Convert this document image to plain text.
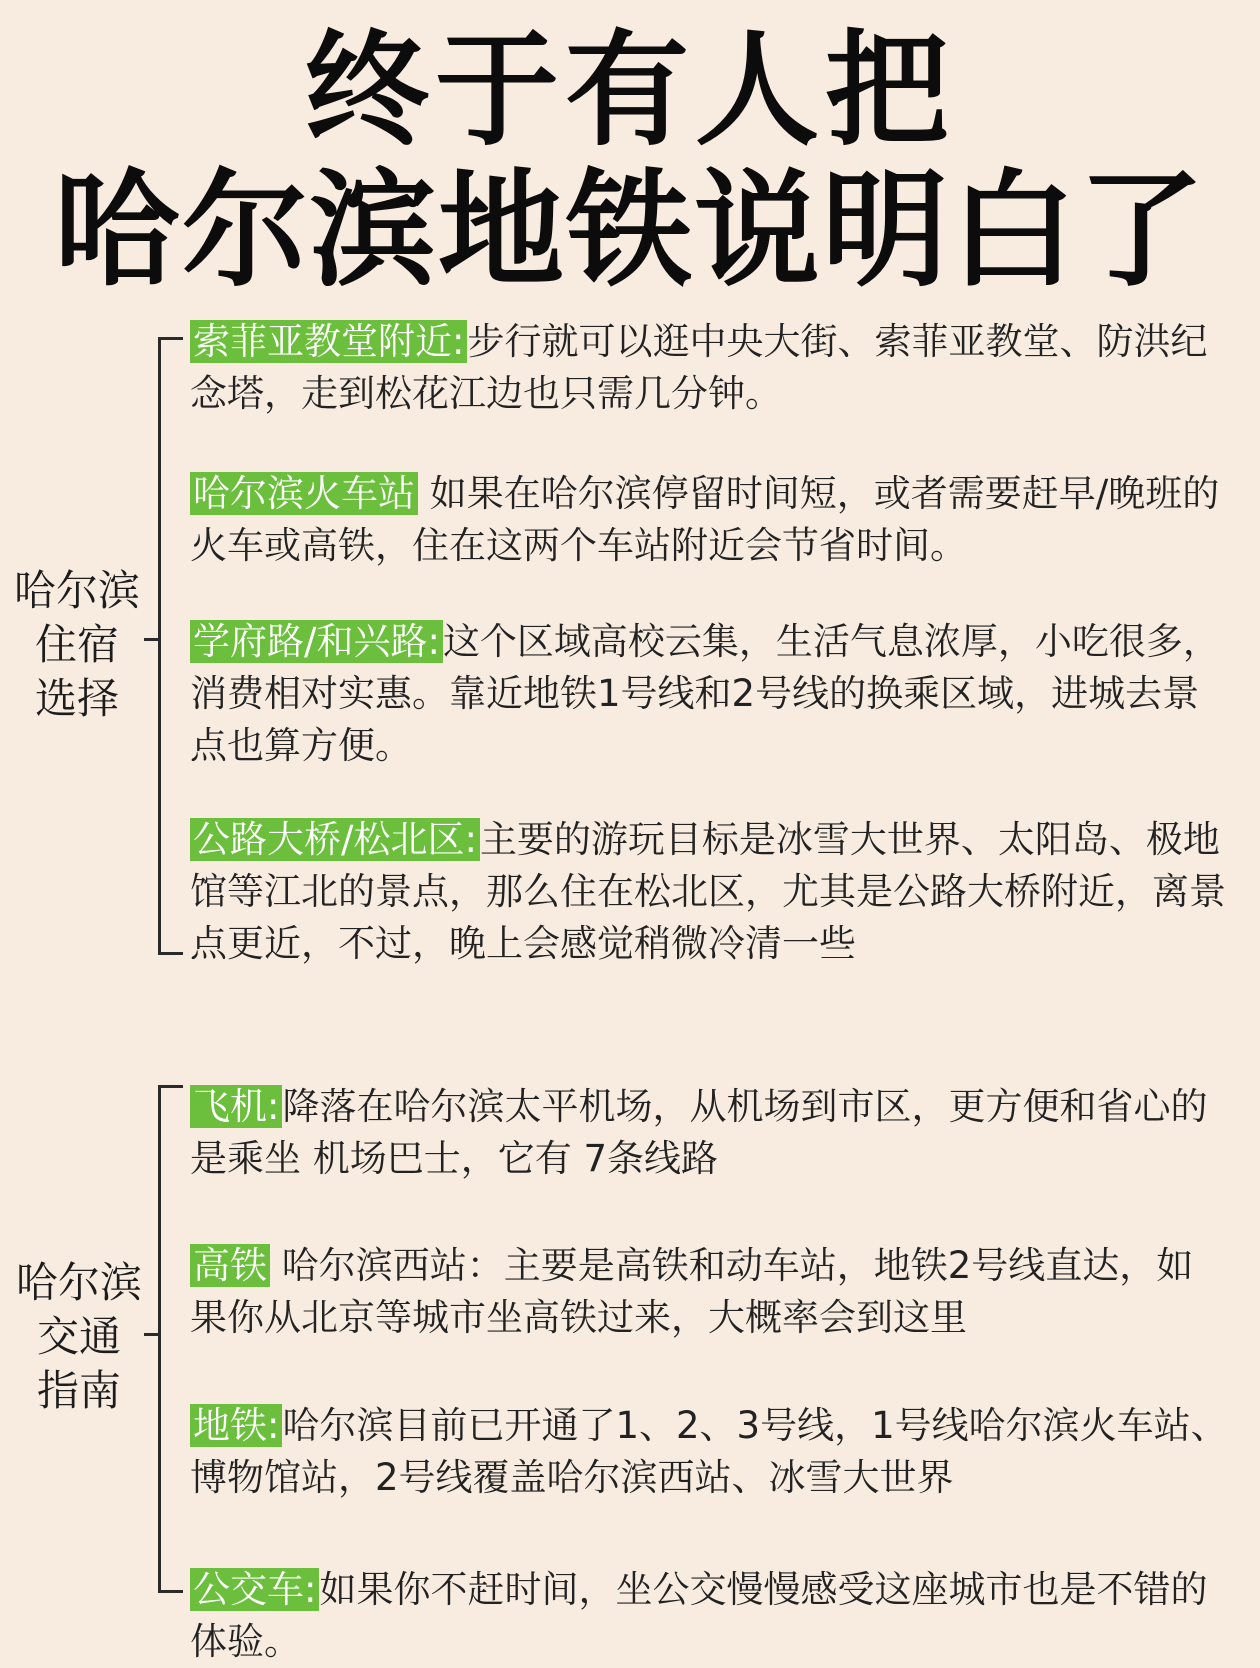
终于有人把
哈尔滨地铁说明白了
哈尔滨
住宿
选择
索菲亚教堂附近:步行就可以逛中央大街、索菲亚教堂、防洪纪念塔，走到松花江边也只需几分钟。
哈尔滨火车站 如果在哈尔滨停留时间短，或者需要赶早/晚班的火车或高铁，住在这两个车站附近会节省时间。
学府路/和兴路:这个区域高校云集，生活气息浓厚，小吃很多，消费相对实惠。靠近地铁1号线和2号线的换乘区域，进城去景点也算方便。
公路大桥/松北区:主要的游玩目标是冰雪大世界、太阳岛、极地馆等江北的景点，那么住在松北区，尤其是公路大桥附近，离景点更近，不过，晚上会感觉稍微冷清一些
哈尔滨
交通
指南
飞机:降落在哈尔滨太平机场，从机场到市区，更方便和省心的是乘坐 机场巴士，它有 7条线路
高铁 哈尔滨西站：主要是高铁和动车站，地铁2号线直达，如果你从北京等城市坐高铁过来，大概率会到这里
地铁:哈尔滨目前已开通了1、2、3号线，1号线哈尔滨火车站、博物馆站，2号线覆盖哈尔滨西站、冰雪大世界
公交车:如果你不赶时间，坐公交慢慢感受这座城市也是不错的体验。
